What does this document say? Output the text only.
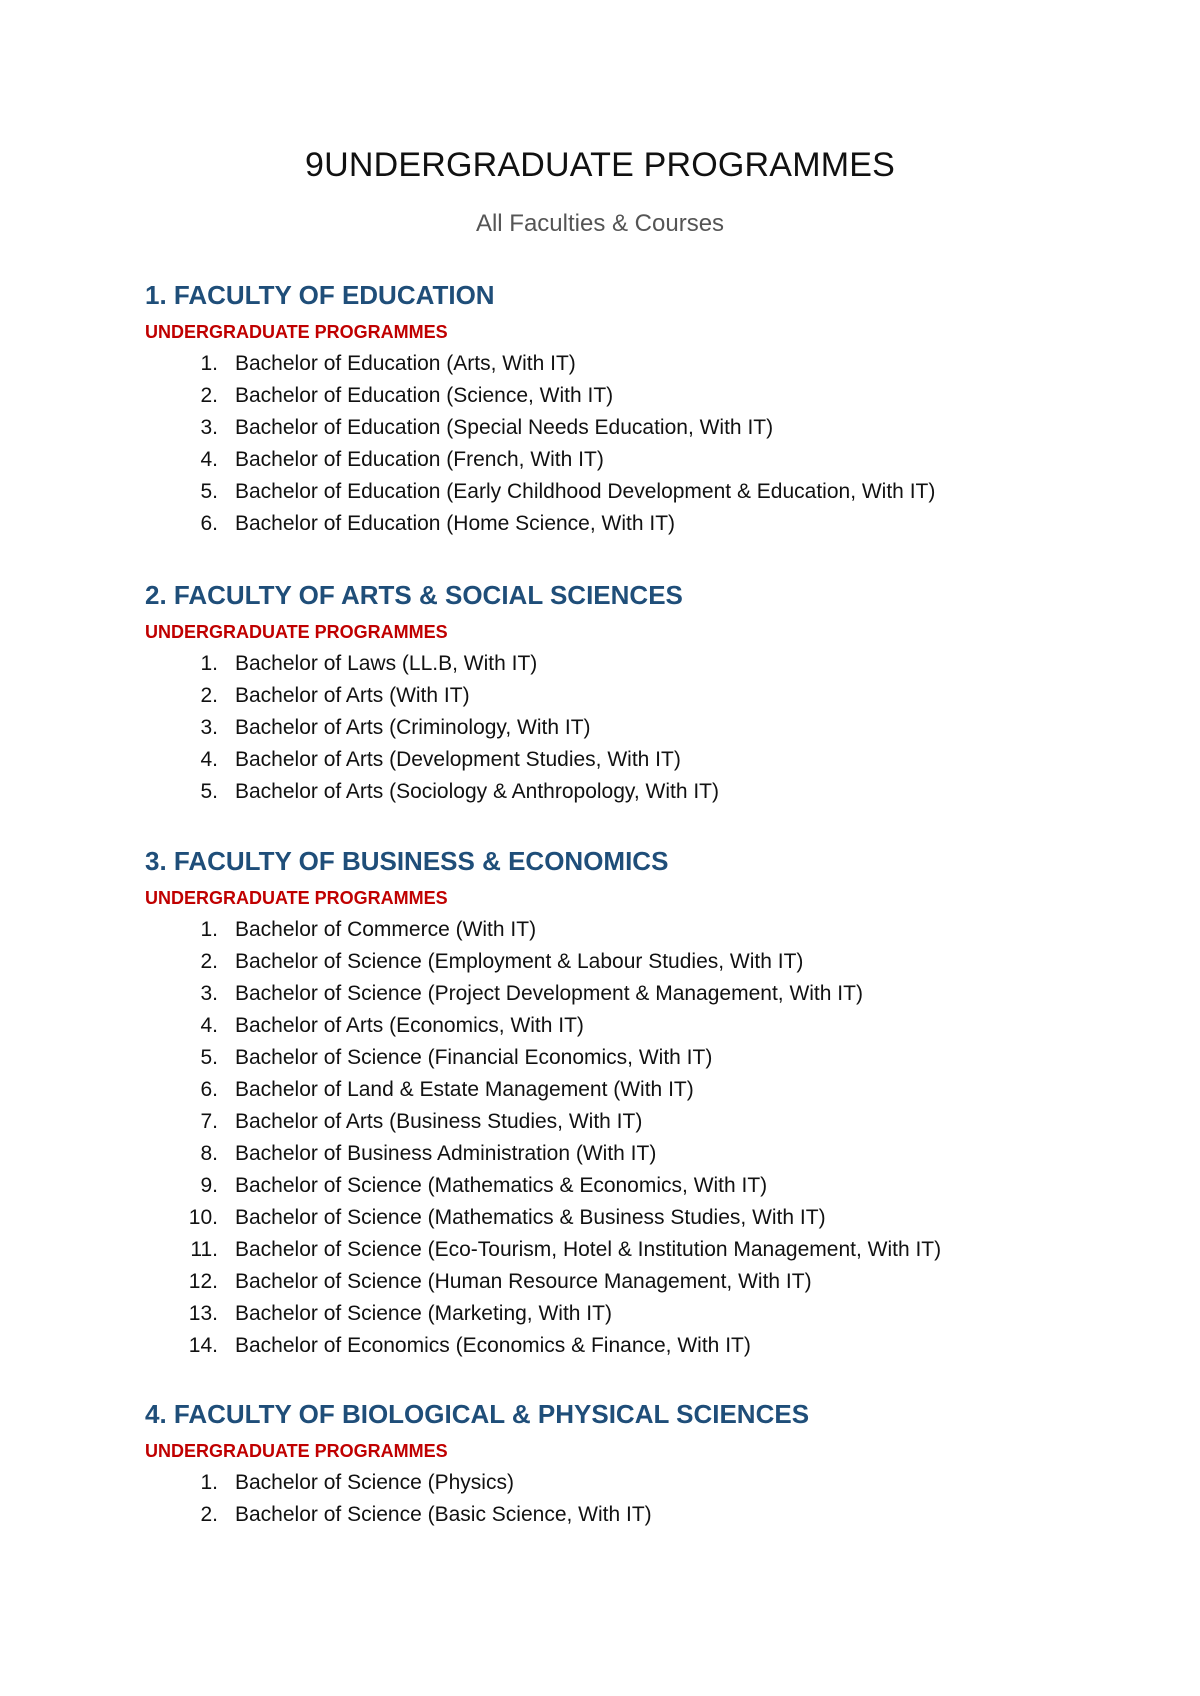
9UNDERGRADUATE PROGRAMMES

All Faculties & Courses

1. FACULTY OF EDUCATION
UNDERGRADUATE PROGRAMMES
1. Bachelor of Education (Arts, With IT)
2. Bachelor of Education (Science, With IT)
3. Bachelor of Education (Special Needs Education, With IT)
4. Bachelor of Education (French, With IT)
5. Bachelor of Education (Early Childhood Development & Education, With IT)
6. Bachelor of Education (Home Science, With IT)
2. FACULTY OF ARTS & SOCIAL SCIENCES
UNDERGRADUATE PROGRAMMES
1. Bachelor of Laws (LL.B, With IT)
2. Bachelor of Arts (With IT)
3. Bachelor of Arts (Criminology, With IT)
4. Bachelor of Arts (Development Studies, With IT)
5. Bachelor of Arts (Sociology & Anthropology, With IT)
3. FACULTY OF BUSINESS & ECONOMICS
UNDERGRADUATE PROGRAMMES
1. Bachelor of Commerce (With IT)
2. Bachelor of Science (Employment & Labour Studies, With IT)
3. Bachelor of Science (Project Development & Management, With IT)
4. Bachelor of Arts (Economics, With IT)
5. Bachelor of Science (Financial Economics, With IT)
6. Bachelor of Land & Estate Management (With IT)
7. Bachelor of Arts (Business Studies, With IT)
8. Bachelor of Business Administration (With IT)
9. Bachelor of Science (Mathematics & Economics, With IT)
10. Bachelor of Science (Mathematics & Business Studies, With IT)
11. Bachelor of Science (Eco-Tourism, Hotel & Institution Management, With IT)
12. Bachelor of Science (Human Resource Management, With IT)
13. Bachelor of Science (Marketing, With IT)
14. Bachelor of Economics (Economics & Finance, With IT)
4. FACULTY OF BIOLOGICAL & PHYSICAL SCIENCES
UNDERGRADUATE PROGRAMMES
1. Bachelor of Science (Physics)
2. Bachelor of Science (Basic Science, With IT)
